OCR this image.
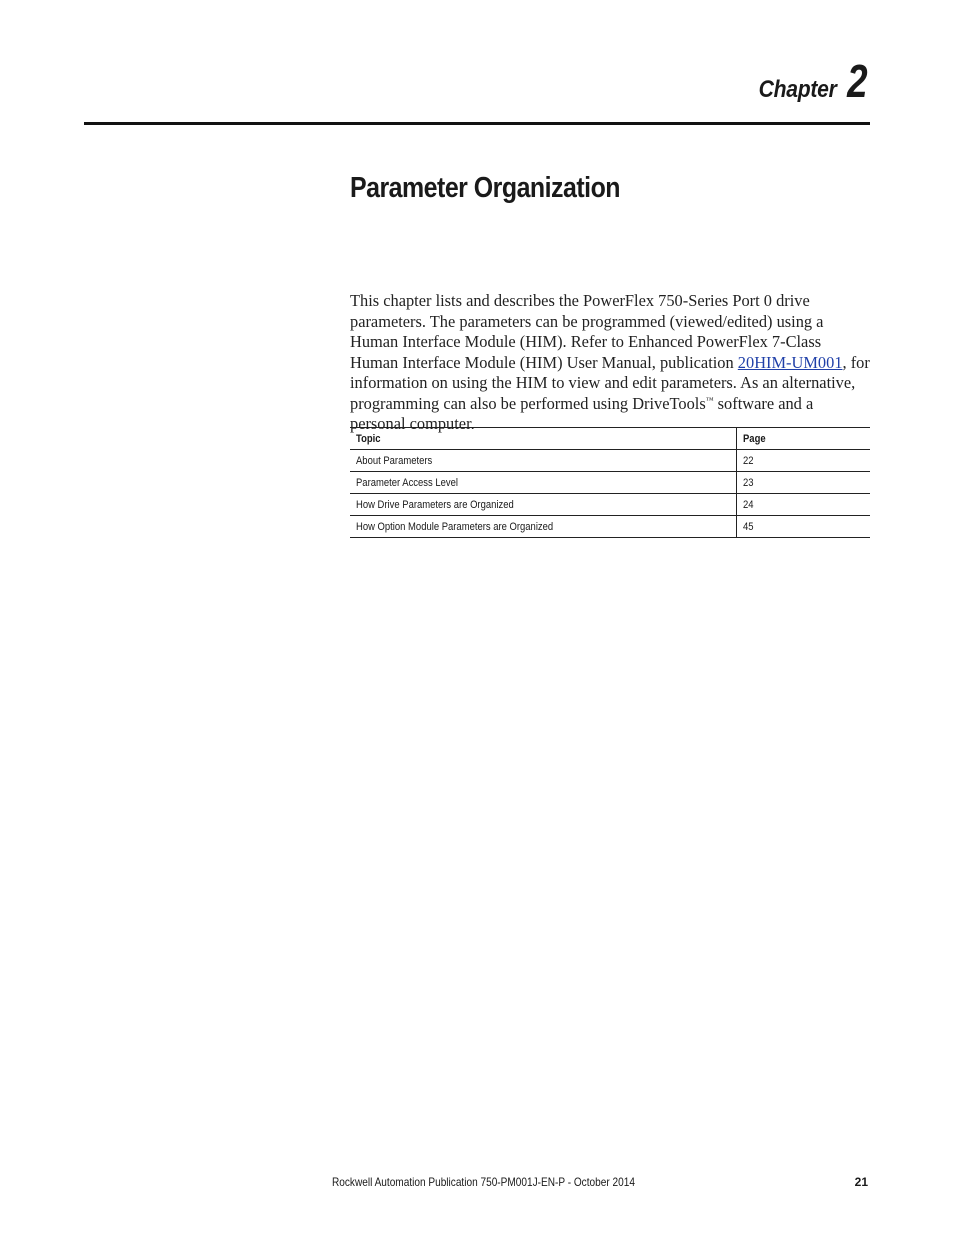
Chapter 2
Parameter Organization

This chapter lists and describes the PowerFlex 750-Series Port 0 drive parameters. The parameters can be programmed (viewed/edited) using a Human Interface Module (HIM). Refer to Enhanced PowerFlex 7-Class Human Interface Module (HIM) User Manual, publication 20HIM-UM001, for information on using the HIM to view and edit parameters. As an alternative, programming can also be performed using DriveTools™ software and a personal computer.

Topic	Page
About Parameters	22
Parameter Access Level	23
How Drive Parameters are Organized	24
How Option Module Parameters are Organized	45
Rockwell Automation Publication 750-PM001J-EN-P - October 2014	21
